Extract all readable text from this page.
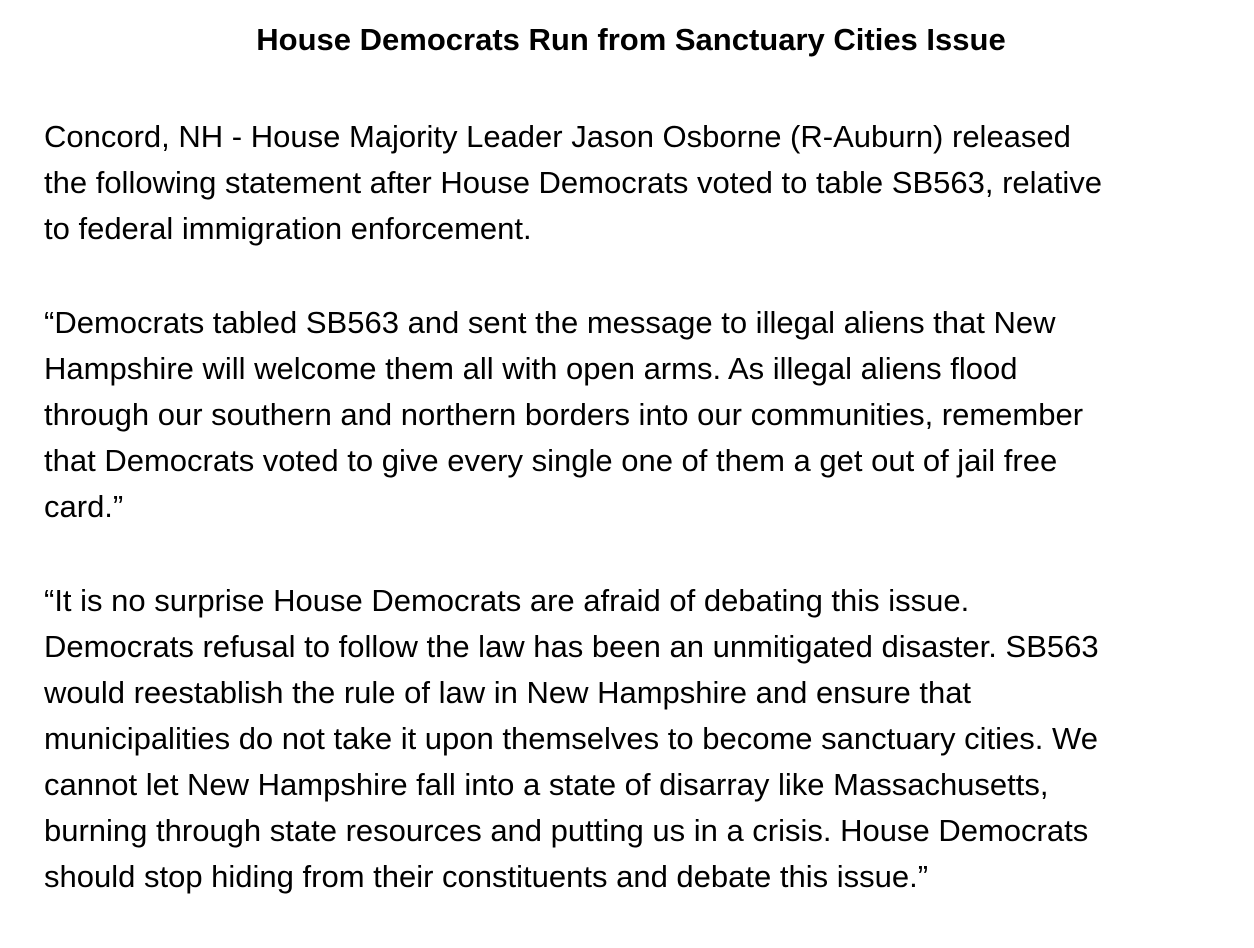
House Democrats Run from Sanctuary Cities Issue

Concord, NH - House Majority Leader Jason Osborne (R-Auburn) released
the following statement after House Democrats voted to table SB563, relative
to federal immigration enforcement.

“Democrats tabled SB563 and sent the message to illegal aliens that New
Hampshire will welcome them all with open arms. As illegal aliens flood
through our southern and northern borders into our communities, remember
that Democrats voted to give every single one of them a get out of jail free
card.”

“It is no surprise House Democrats are afraid of debating this issue.
Democrats refusal to follow the law has been an unmitigated disaster. SB563
would reestablish the rule of law in New Hampshire and ensure that
municipalities do not take it upon themselves to become sanctuary cities. We
cannot let New Hampshire fall into a state of disarray like Massachusetts,
burning through state resources and putting us in a crisis. House Democrats
should stop hiding from their constituents and debate this issue.”
